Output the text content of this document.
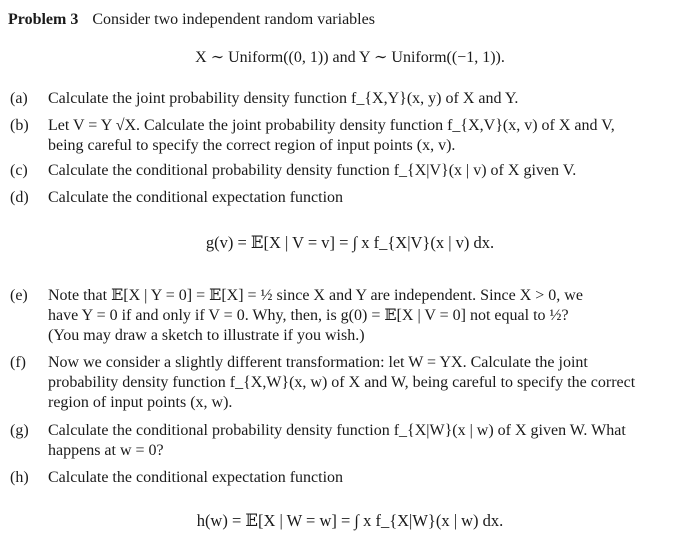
Problem 3 Consider two independent random variables
X ∼ Uniform((0, 1)) and Y ∼ Uniform((−1, 1)).
(a) Calculate the joint probability density function f_{X,Y}(x, y) of X and Y.
(b) Let V = Y √X. Calculate the joint probability density function f_{X,V}(x, v) of X and V,
being careful to specify the correct region of input points (x, v).
(c) Calculate the conditional probability density function f_{X|V}(x | v) of X given V.
(d) Calculate the conditional expectation function
g(v) = 𝔼[X | V = v] = ∫ x f_{X|V}(x | v) dx.
(e) Note that 𝔼[X | Y = 0] = 𝔼[X] = ½ since X and Y are independent. Since X > 0, we
have Y = 0 if and only if V = 0. Why, then, is g(0) = 𝔼[X | V = 0] not equal to ½?
(You may draw a sketch to illustrate if you wish.)
(f) Now we consider a slightly different transformation: let W = YX. Calculate the joint
probability density function f_{X,W}(x, w) of X and W, being careful to specify the correct
region of input points (x, w).
(g) Calculate the conditional probability density function f_{X|W}(x | w) of X given W. What
happens at w = 0?
(h) Calculate the conditional expectation function
h(w) = 𝔼[X | W = w] = ∫ x f_{X|W}(x | w) dx.
